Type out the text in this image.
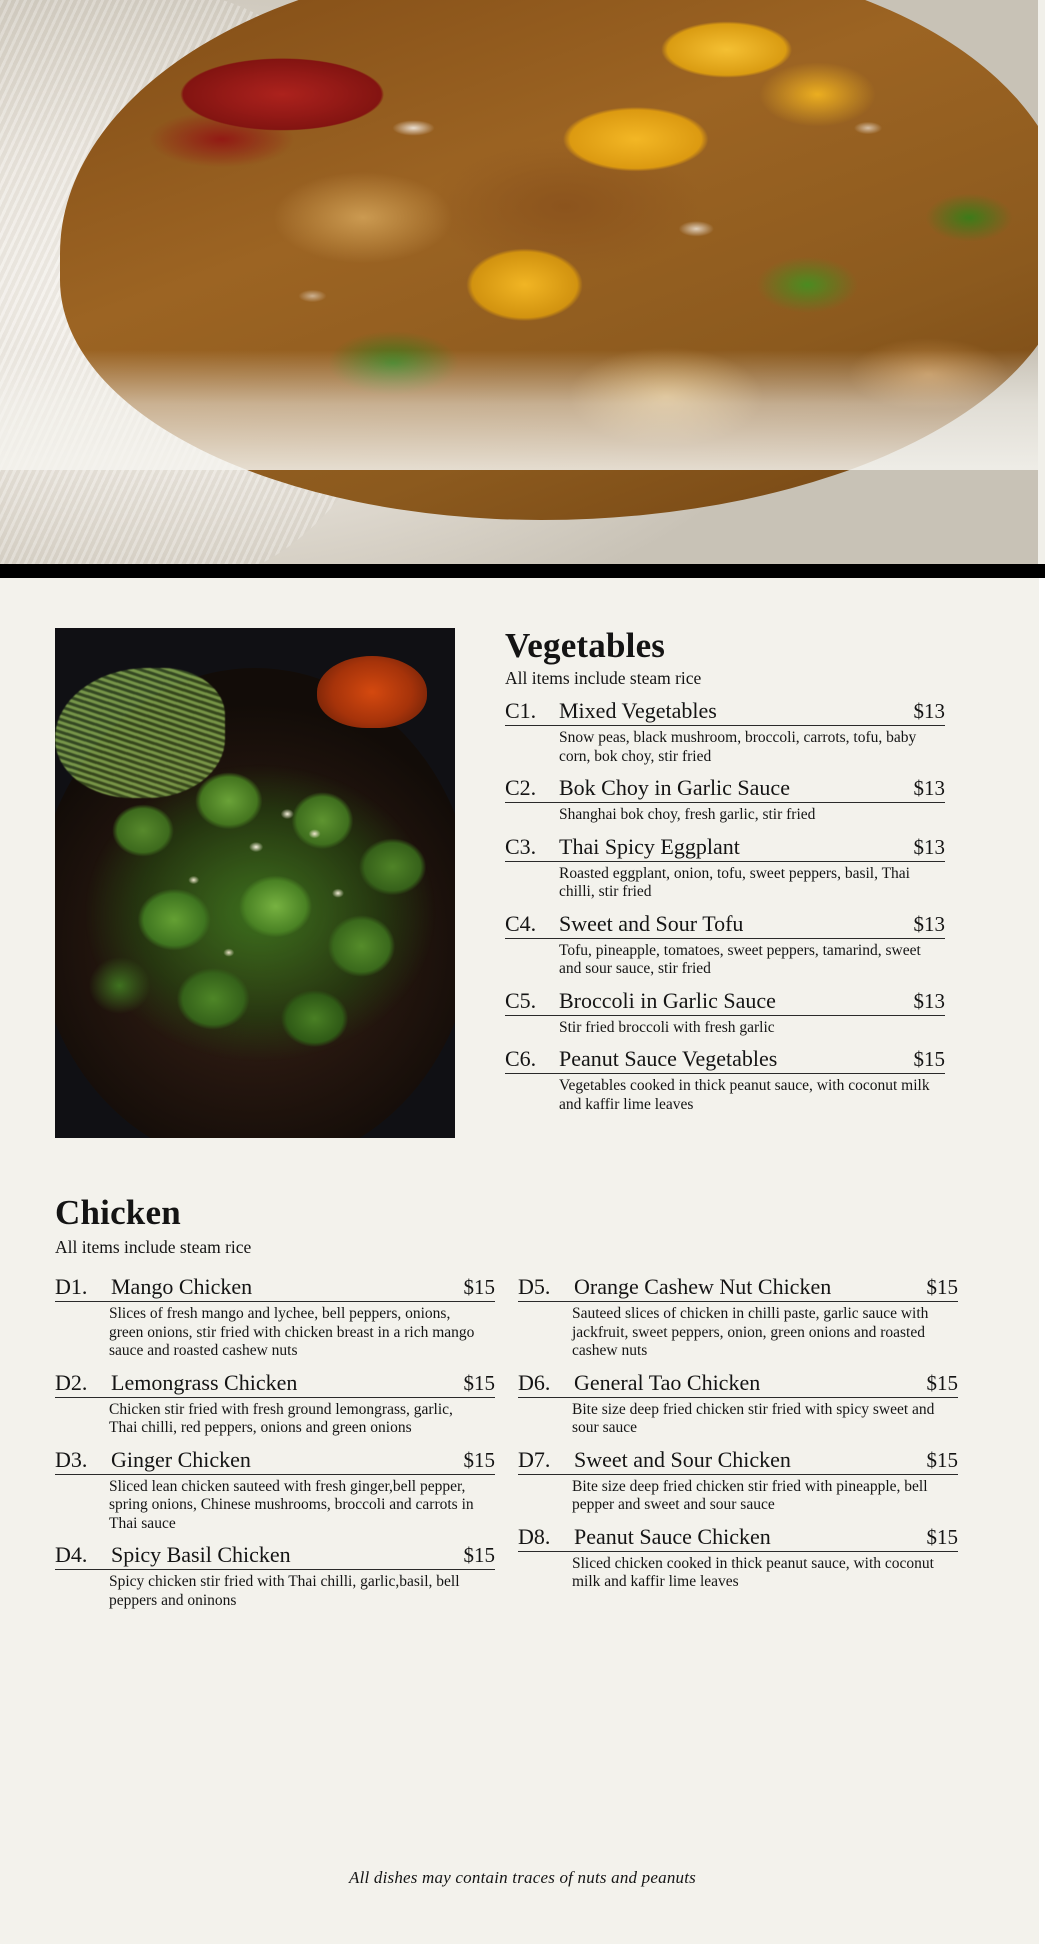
Vegetables
All items include steam rice
C1.	Mixed Vegetables	$13
Snow peas, black mushroom, broccoli, carrots, tofu, baby corn, bok choy, stir fried
C2.	Bok Choy in Garlic Sauce	$13
Shanghai bok choy, fresh garlic, stir fried
C3.	Thai Spicy Eggplant	$13
Roasted eggplant, onion, tofu, sweet peppers, basil, Thai chilli, stir fried
C4.	Sweet and Sour Tofu	$13
Tofu, pineapple, tomatoes, sweet peppers, tamarind, sweet and sour sauce, stir fried
C5.	Broccoli in Garlic Sauce	$13
Stir fried broccoli with fresh garlic
C6.	Peanut Sauce Vegetables	$15
Vegetables cooked in thick peanut sauce, with coconut milk and kaffir lime leaves
Chicken
All items include steam rice
D1.	Mango Chicken	$15
Slices of fresh mango and lychee, bell peppers, onions, green onions, stir fried with chicken breast in a rich mango sauce and roasted cashew nuts
D2.	Lemongrass Chicken	$15
Chicken stir fried with fresh ground lemongrass, garlic, Thai chilli, red peppers, onions and green onions
D3.	Ginger Chicken	$15
Sliced lean chicken sauteed with fresh ginger,bell pepper, spring onions, Chinese mushrooms, broccoli and carrots in Thai sauce
D4.	Spicy Basil Chicken	$15
Spicy chicken stir fried with Thai chilli, garlic,basil, bell peppers and oninons
D5.	Orange Cashew Nut Chicken	$15
Sauteed slices of chicken in chilli paste, garlic sauce with jackfruit, sweet peppers, onion, green onions and roasted cashew nuts
D6.	General Tao Chicken	$15
Bite size deep fried chicken stir fried with spicy sweet and sour sauce
D7.	Sweet and Sour Chicken	$15
Bite size deep fried chicken stir fried with pineapple, bell pepper and sweet and sour sauce
D8.	Peanut Sauce Chicken	$15
Sliced chicken cooked in thick peanut sauce, with coconut milk and kaffir lime leaves
All dishes may contain traces of nuts and peanuts
